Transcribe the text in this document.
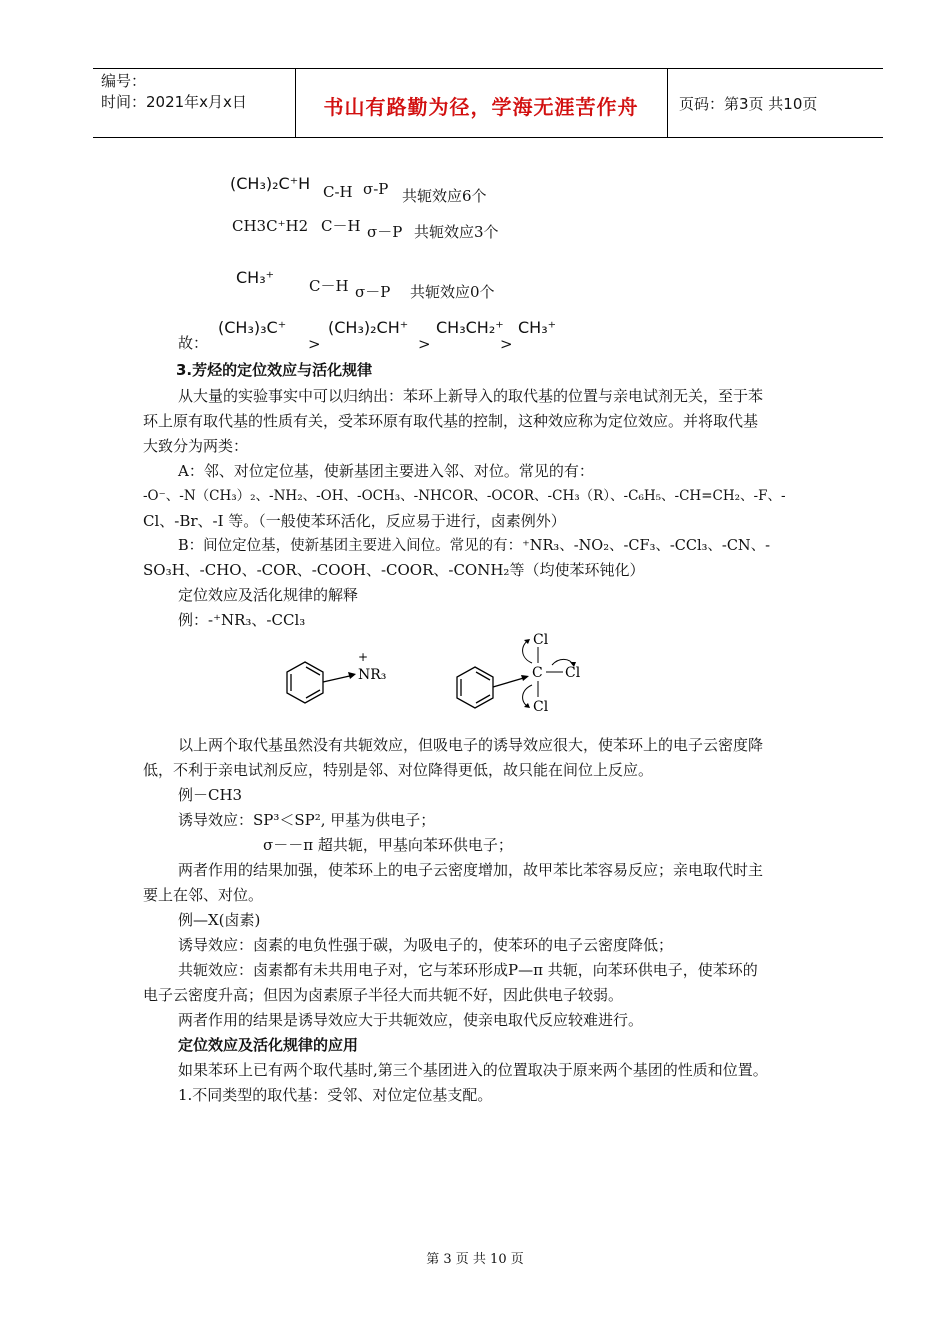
编号：
时间：2021年x月x日	书山有路勤为径，学海无涯苦作舟	页码：第3页 共10页
(CH₃)₂C⁺H C-H σ-P 共轭效应6个
CH3C⁺H2 C－H σ－P 共轭效应3个
CH₃⁺ C－H σ－P 共轭效应0个
故：
(CH₃)₃C⁺
>
(CH₃)₂CH⁺
>
CH₃CH₂⁺
>
CH₃⁺
3.芳烃的定位效应与活化规律
从大量的实验事实中可以归纳出：苯环上新导入的取代基的位置与亲电试剂无关，至于苯
环上原有取代基的性质有关，受苯环原有取代基的控制，这种效应称为定位效应。并将取代基
大致分为两类：
A：邻、对位定位基，使新基团主要进入邻、对位。常见的有：
-O⁻、-N（CH₃）₂、-NH₂、-OH、-OCH₃、-NHCOR、-OCOR、-CH₃（R）、-C₆H₅、-CH=CH₂、-F、-
Cl、-Br、-I 等。（一般使苯环活化，反应易于进行，卤素例外）
B：间位定位基，使新基团主要进入间位。常见的有：⁺NR₃、-NO₂、-CF₃、-CCl₃、-CN、-
SO₃H、-CHO、-COR、-COOH、-COOR、-CONH₂等（均使苯环钝化）
定位效应及活化规律的解释
例：-⁺NR₃、-CCl₃
+
NR₃	C
Cl
Cl
Cl
以上两个取代基虽然没有共轭效应，但吸电子的诱导效应很大，使苯环上的电子云密度降
低，不利于亲电试剂反应，特别是邻、对位降得更低，故只能在间位上反应。
例－CH3
诱导效应：SP³＜SP², 甲基为供电子；
σ－－π 超共轭，甲基向苯环供电子；
两者作用的结果加强，使苯环上的电子云密度增加，故甲苯比苯容易反应；亲电取代时主
要上在邻、对位。
例—X(卤素)
诱导效应：卤素的电负性强于碳，为吸电子的，使苯环的电子云密度降低；
共轭效应：卤素都有未共用电子对，它与苯环形成P—π 共轭，向苯环供电子，使苯环的
电子云密度升高；但因为卤素原子半径大而共轭不好，因此供电子较弱。
两者作用的结果是诱导效应大于共轭效应，使亲电取代反应较难进行。
定位效应及活化规律的应用
如果苯环上已有两个取代基时,第三个基团进入的位置取决于原来两个基团的性质和位置。
1.不同类型的取代基：受邻、对位定位基支配。
第 3 页 共 10 页
